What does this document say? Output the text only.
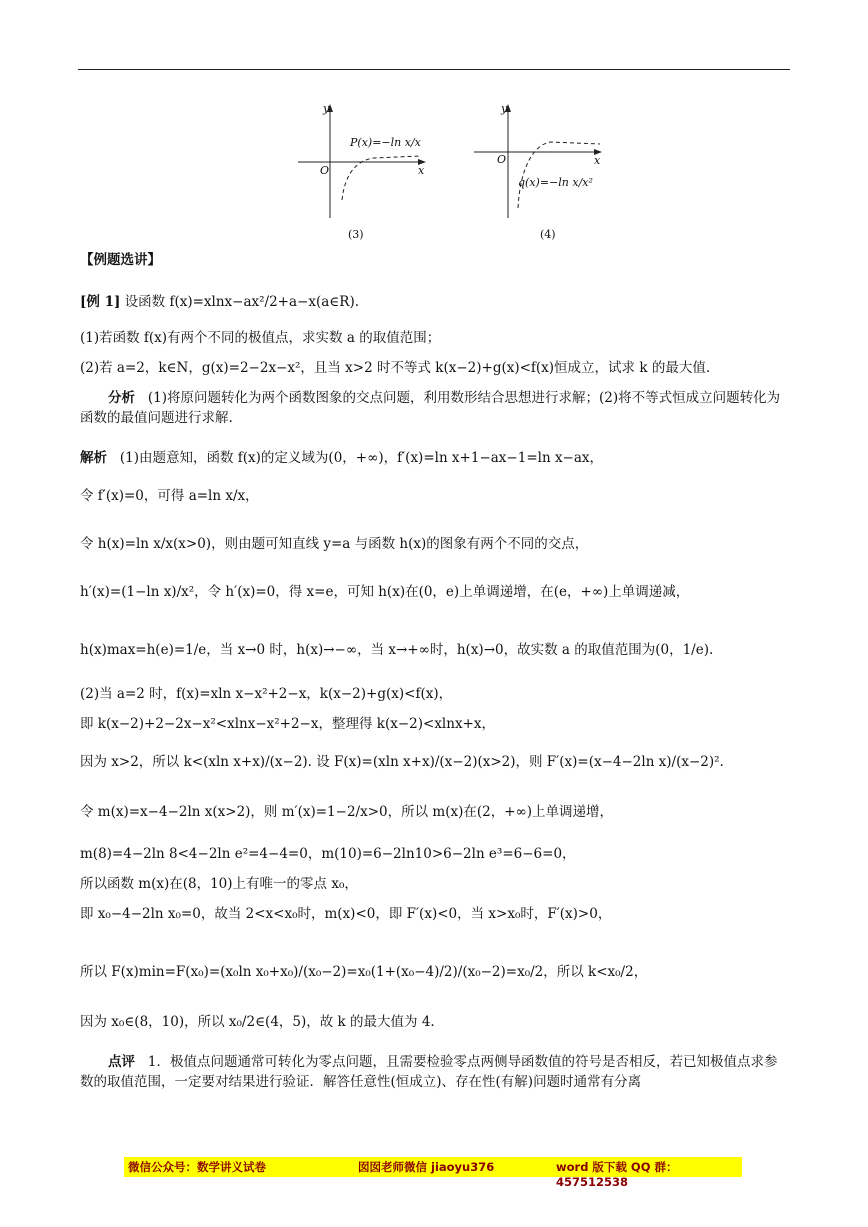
y
x
O
P(x)=−ln x/x
(3)
y
x
O
q(x)=−ln x/x²
(4)
【例题选讲】
[例 1] 设函数 f(x)=xlnx−ax²/2+a−x(a∈R).
(1)若函数 f(x)有两个不同的极值点，求实数 a 的取值范围；
(2)若 a=2，k∈N，g(x)=2−2x−x²，且当 x>2 时不等式 k(x−2)+g(x)<f(x)恒成立，试求 k 的最大值.
分析 (1)将原问题转化为两个函数图象的交点问题，利用数形结合思想进行求解；(2)将不等式恒成立问题转化为函数的最值问题进行求解.
解析 (1)由题意知，函数 f(x)的定义域为(0，+∞)，f′(x)=ln x+1−ax−1=ln x−ax，
令 f′(x)=0，可得 a=ln x/x，
令 h(x)=ln x/x(x>0)，则由题可知直线 y=a 与函数 h(x)的图象有两个不同的交点，
h′(x)=(1−ln x)/x²，令 h′(x)=0，得 x=e，可知 h(x)在(0，e)上单调递增，在(e，+∞)上单调递减，
h(x)max=h(e)=1/e，当 x→0 时，h(x)→−∞，当 x→+∞时，h(x)→0，故实数 a 的取值范围为(0，1/e).
(2)当 a=2 时，f(x)=xln x−x²+2−x，k(x−2)+g(x)<f(x)，
即 k(x−2)+2−2x−x²<xlnx−x²+2−x，整理得 k(x−2)<xlnx+x，
因为 x>2，所以 k<(xln x+x)/(x−2). 设 F(x)=(xln x+x)/(x−2)(x>2)，则 F′(x)=(x−4−2ln x)/(x−2)².
令 m(x)=x−4−2ln x(x>2)，则 m′(x)=1−2/x>0，所以 m(x)在(2，+∞)上单调递增，
m(8)=4−2ln 8<4−2ln e²=4−4=0，m(10)=6−2ln10>6−2ln e³=6−6=0，
所以函数 m(x)在(8，10)上有唯一的零点 x₀，
即 x₀−4−2ln x₀=0，故当 2<x<x₀时，m(x)<0，即 F′(x)<0，当 x>x₀时，F′(x)>0，
所以 F(x)min=F(x₀)=(x₀ln x₀+x₀)/(x₀−2)=x₀(1+(x₀−4)/2)/(x₀−2)=x₀/2，所以 k<x₀/2，
因为 x₀∈(8，10)，所以 x₀/2∈(4，5)，故 k 的最大值为 4.
点评 1．极值点问题通常可转化为零点问题，且需要检验零点两侧导函数值的符号是否相反，若已知极值点求参数的取值范围，一定要对结果进行验证．解答任意性(恒成立)、存在性(有解)问题时通常有分离
微信公众号：数学讲义试卷	囡囡老师微信 jiaoyu376	word 版下载 QQ 群：457512538
